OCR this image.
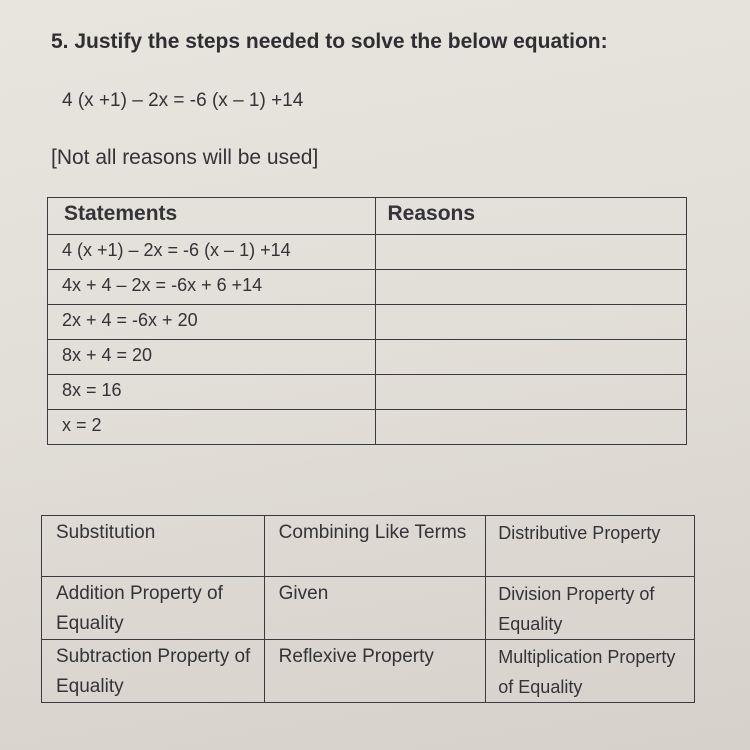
5. Justify the steps needed to solve the below equation:
4 (x +1) – 2x = -6 (x – 1) +14
[Not all reasons will be used]
Statements	Reasons
4 (x +1) – 2x = -6 (x – 1) +14	
4x + 4 – 2x = -6x + 6 +14	
2x + 4 = -6x + 20	
8x + 4 = 20	
8x = 16	
x = 2	
Substitution	Combining Like Terms	Distributive Property
Addition Property of Equality	Given	Division Property of Equality
Subtraction Property of Equality	Reflexive Property	Multiplication Property of Equality
